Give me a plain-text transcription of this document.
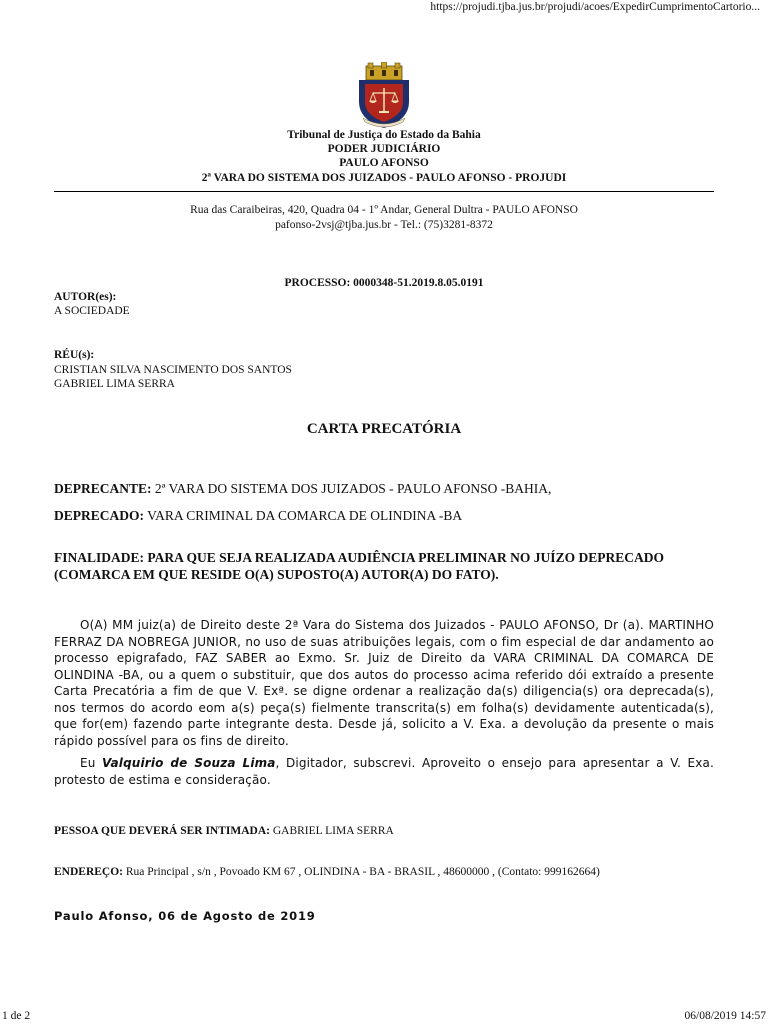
https://projudi.tjba.jus.br/projudi/acoes/ExpedirCumprimentoCartorio...
Tribunal de Justiça do Estado da Bahia
PODER JUDICIÁRIO
PAULO AFONSO
2ª VARA DO SISTEMA DOS JUIZADOS - PAULO AFONSO - PROJUDI
Rua das Caraibeiras, 420, Quadra 04 - 1º Andar, General Dultra - PAULO AFONSO
pafonso-2vsj@tjba.jus.br - Tel.: (75)3281-8372
PROCESSO: 0000348-51.2019.8.05.0191
AUTOR(es):
A SOCIEDADE
RÉU(s):
CRISTIAN SILVA NASCIMENTO DOS SANTOS
GABRIEL LIMA SERRA
CARTA PRECATÓRIA
DEPRECANTE: 2ª VARA DO SISTEMA DOS JUIZADOS - PAULO AFONSO -BAHIA,
DEPRECADO: VARA CRIMINAL DA COMARCA DE OLINDINA -BA
FINALIDADE: PARA QUE SEJA REALIZADA AUDIÊNCIA PRELIMINAR NO JUÍZO DEPRECADO (COMARCA EM QUE RESIDE O(A) SUPOSTO(A) AUTOR(A) DO FATO).
O(A) MM juiz(a) de Direito deste 2ª Vara do Sistema dos Juizados - PAULO AFONSO, Dr (a). MARTINHO FERRAZ DA NOBREGA JUNIOR, no uso de suas atribuições legais, com o fim especial de dar andamento ao processo epigrafado, FAZ SABER ao Exmo. Sr. Juiz de Direito da VARA CRIMINAL DA COMARCA DE OLINDINA -BA, ou a quem o substituir, que dos autos do processo acima referido dói extraído a presente Carta Precatória a fim de que V. Exª. se digne ordenar a realização da(s) diligencia(s) ora deprecada(s), nos termos do acordo eom a(s) peça(s) fielmente transcrita(s) em folha(s) devidamente autenticada(s), que for(em) fazendo parte integrante desta. Desde já, solicito a V. Exa. a devolução da presente o mais rápido possível para os fins de direito.
Eu Valquirio de Souza Lima, Digitador, subscrevi. Aproveito o ensejo para apresentar a V. Exa. protesto de estima e consideração.
PESSOA QUE DEVERÁ SER INTIMADA: GABRIEL LIMA SERRA
ENDEREÇO: Rua Principal , s/n , Povoado KM 67 , OLINDINA - BA - BRASIL , 48600000 , (Contato: 999162664)
Paulo Afonso, 06 de Agosto de 2019
1 de 2	06/08/2019 14:57
